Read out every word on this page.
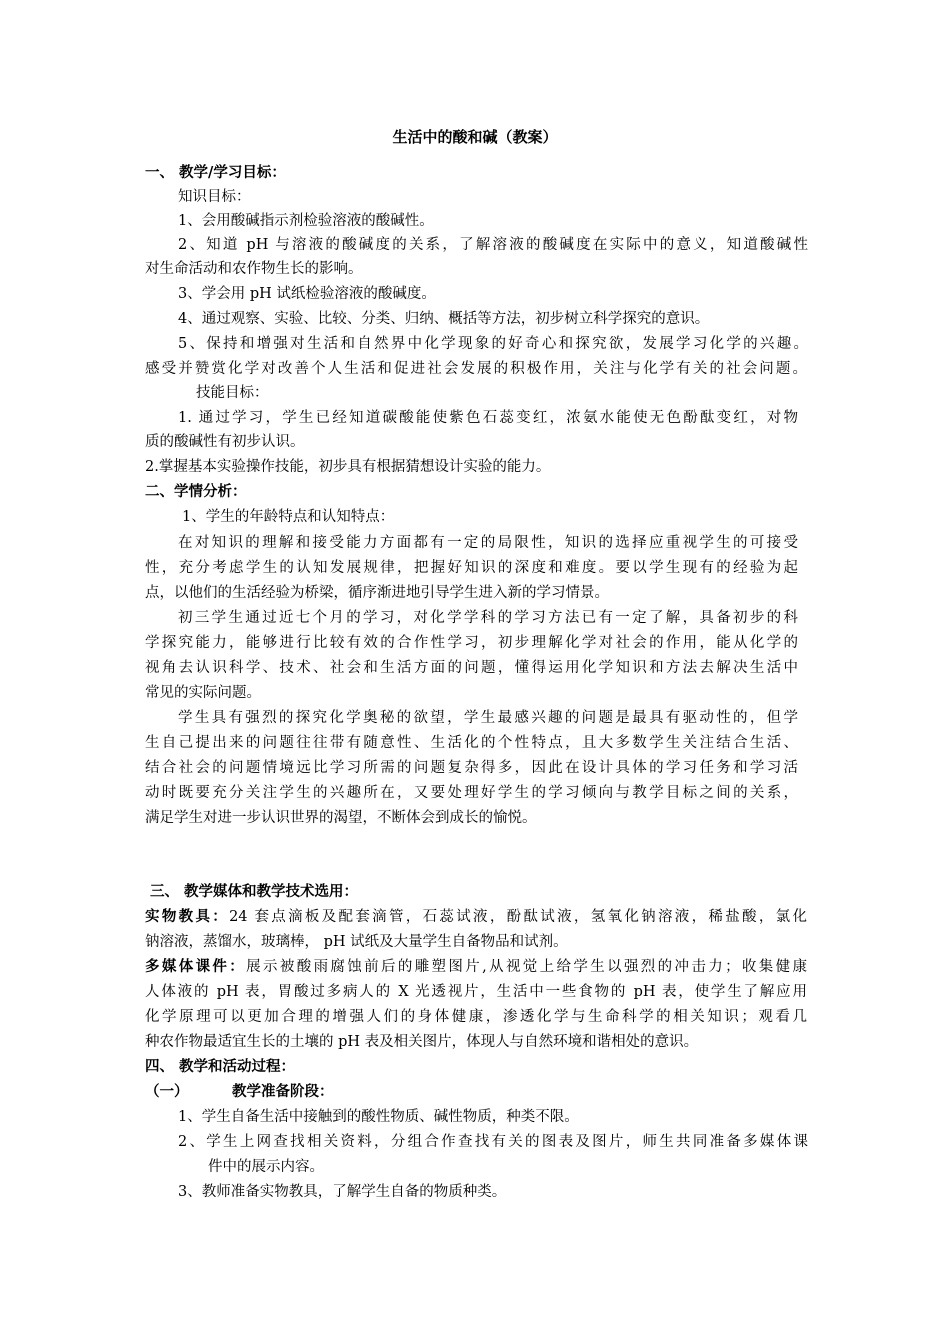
生活中的酸和碱（教案）
一、 教学/学习目标：
知识目标：
1、会用酸碱指示剂检验溶液的酸碱性。
2、知道 pH 与溶液的酸碱度的关系，了解溶液的酸碱度在实际中的意义，知道酸碱性
对生命活动和农作物生长的影响。
3、学会用 pH 试纸检验溶液的酸碱度。
4、通过观察、实验、比较、分类、归纳、概括等方法，初步树立科学探究的意识。
5、保持和增强对生活和自然界中化学现象的好奇心和探究欲，发展学习化学的兴趣。
感受并赞赏化学对改善个人生活和促进社会发展的积极作用，关注与化学有关的社会问题。
技能目标：
1. 通过学习，学生已经知道碳酸能使紫色石蕊变红，浓氨水能使无色酚酞变红，对物
质的酸碱性有初步认识。
2.掌握基本实验操作技能，初步具有根据猜想设计实验的能力。
二、学情分析：
1、学生的年龄特点和认知特点：
在对知识的理解和接受能力方面都有一定的局限性，知识的选择应重视学生的可接受
性，充分考虑学生的认知发展规律，把握好知识的深度和难度。要以学生现有的经验为起
点，以他们的生活经验为桥梁，循序渐进地引导学生进入新的学习情景。
初三学生通过近七个月的学习，对化学学科的学习方法已有一定了解，具备初步的科
学探究能力，能够进行比较有效的合作性学习，初步理解化学对社会的作用，能从化学的
视角去认识科学、技术、社会和生活方面的问题，懂得运用化学知识和方法去解决生活中
常见的实际问题。
学生具有强烈的探究化学奥秘的欲望，学生最感兴趣的问题是最具有驱动性的，但学
生自己提出来的问题往往带有随意性、生活化的个性特点，且大多数学生关注结合生活、
结合社会的问题情境远比学习所需的问题复杂得多，因此在设计具体的学习任务和学习活
动时既要充分关注学生的兴趣所在，又要处理好学生的学习倾向与教学目标之间的关系，
满足学生对进一步认识世界的渴望，不断体会到成长的愉悦。
三、 教学媒体和教学技术选用：
实物教具：24 套点滴板及配套滴管，石蕊试液，酚酞试液，氢氧化钠溶液，稀盐酸，氯化
钠溶液，蒸馏水，玻璃棒， pH 试纸及大量学生自备物品和试剂。
多媒体课件：展示被酸雨腐蚀前后的雕塑图片,从视觉上给学生以强烈的冲击力；收集健康
人体液的 pH 表，胃酸过多病人的 X 光透视片，生活中一些食物的 pH 表，使学生了解应用
化学原理可以更加合理的增强人们的身体健康，渗透化学与生命科学的相关知识；观看几
种农作物最适宜生长的土壤的 pH 表及相关图片，体现人与自然环境和谐相处的意识。
四、 教学和活动过程：
（一）	教学准备阶段：
1、学生自备生活中接触到的酸性物质、碱性物质，种类不限。
2、学生上网查找相关资料，分组合作查找有关的图表及图片，师生共同准备多媒体课
件中的展示内容。
3、教师准备实物教具，了解学生自备的物质种类。
